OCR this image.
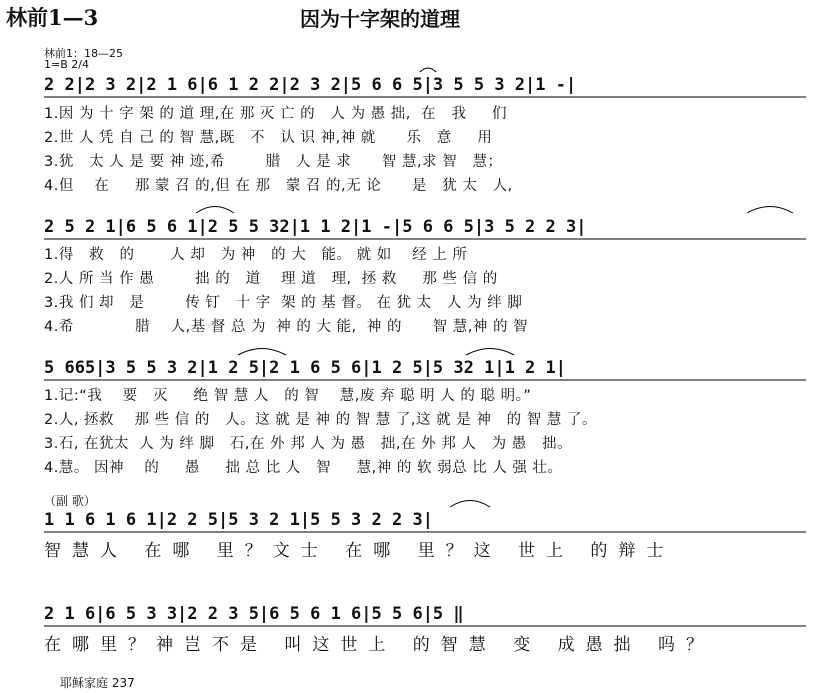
林前1—3	因为十字架的道理
林前1：18—25
1=B 2/4
2 2|2 3 2|2 1 6|6 1 2 2|2 3 2|5 6 6 5|3 5 5 3 2|1 -|
1.因 为 十 字 架 的 道 理,在 那 灭 亡 的   人 为 愚 拙,  在   我     们
2.世 人 凭 自 己 的 智 慧,既   不   认 识 神,神 就      乐   意     用
3.犹   太 人 是 要 神 迹,希        腊   人 是 求      智 慧,求 智   慧；
4.但    在     那 蒙 召 的,但 在 那   蒙 召 的,无 论      是   犹 太   人,
2 5 2 1|6 5 6 1|2 5 5 32|1 1 2|1 -|5 6 6 5|3 5 2 2 3|
1.得   救   的       人 却   为 神   的 大   能。 就 如    经 上 所
2.人 所 当 作 愚        拙 的   道    理 道   理,  拯 救     那 些 信 的
3.我 们 却   是        传 钉   十 字  架 的 基 督。 在 犹 太   人 为 绊 脚
4.希            腊    人,基 督 总 为  神 的 大 能,  神 的      智 慧,神 的 智
5 665|3 5 5 3 2|1 2 5|2 1 6 5 6|1 2 5|5 32 1|1 2 1|
1.记:“我    要   灭     绝 智 慧 人   的 智    慧,废 弃 聪 明 人 的 聪 明。”
2.人, 拯救    那 些 信 的   人。这 就 是 神 的 智 慧 了,这 就 是 神   的 智 慧 了。
3.石, 在犹太  人 为 绊 脚   石,在 外 邦 人 为 愚   拙,在 外 邦 人   为 愚   拙。
4.慧。 因神    的     愚     拙 总 比 人   智     慧,神 的 软 弱总 比 人 强 壮。
（副 歌）
1 1 6 1 6 1|2 2 5|5 3 2 1|5 5 3 2 2 3|
智慧人 在哪 里？文士 在哪 里？这 世上 的辩士
2 1 6|6 5 3 3|2 2 3 5|6 5 6 1 6|5 5 6|5 ‖
在哪里？神岂不是 叫这世上 的智慧 变 成愚拙 吗？
耶稣家庭 237
